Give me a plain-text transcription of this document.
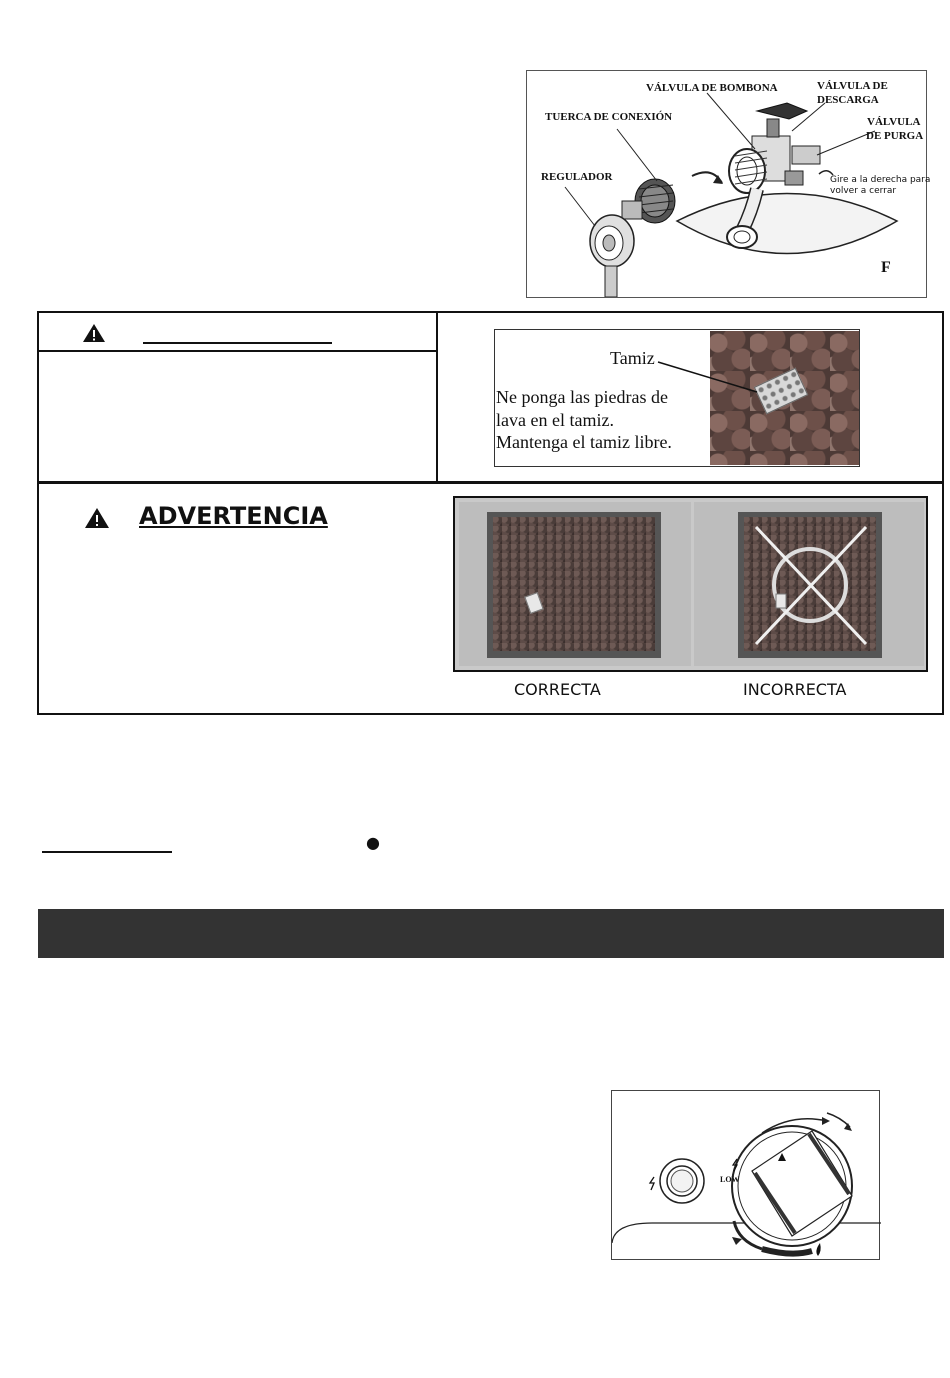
VÁLVULA DE BOMBONA	VÁLVULA DE
DESCARGA
VÁLVULA
DE PURGA
TUERCA DE CONEXIÓN
REGULADOR	Gire a la derecha para
volver a cerrar
F
Tamiz
Ne ponga las piedras de
lava en el tamiz.
Mantenga el tamiz libre.
ADVERTENCIA
CORRECTA	INCORRECTA
●
LOW
